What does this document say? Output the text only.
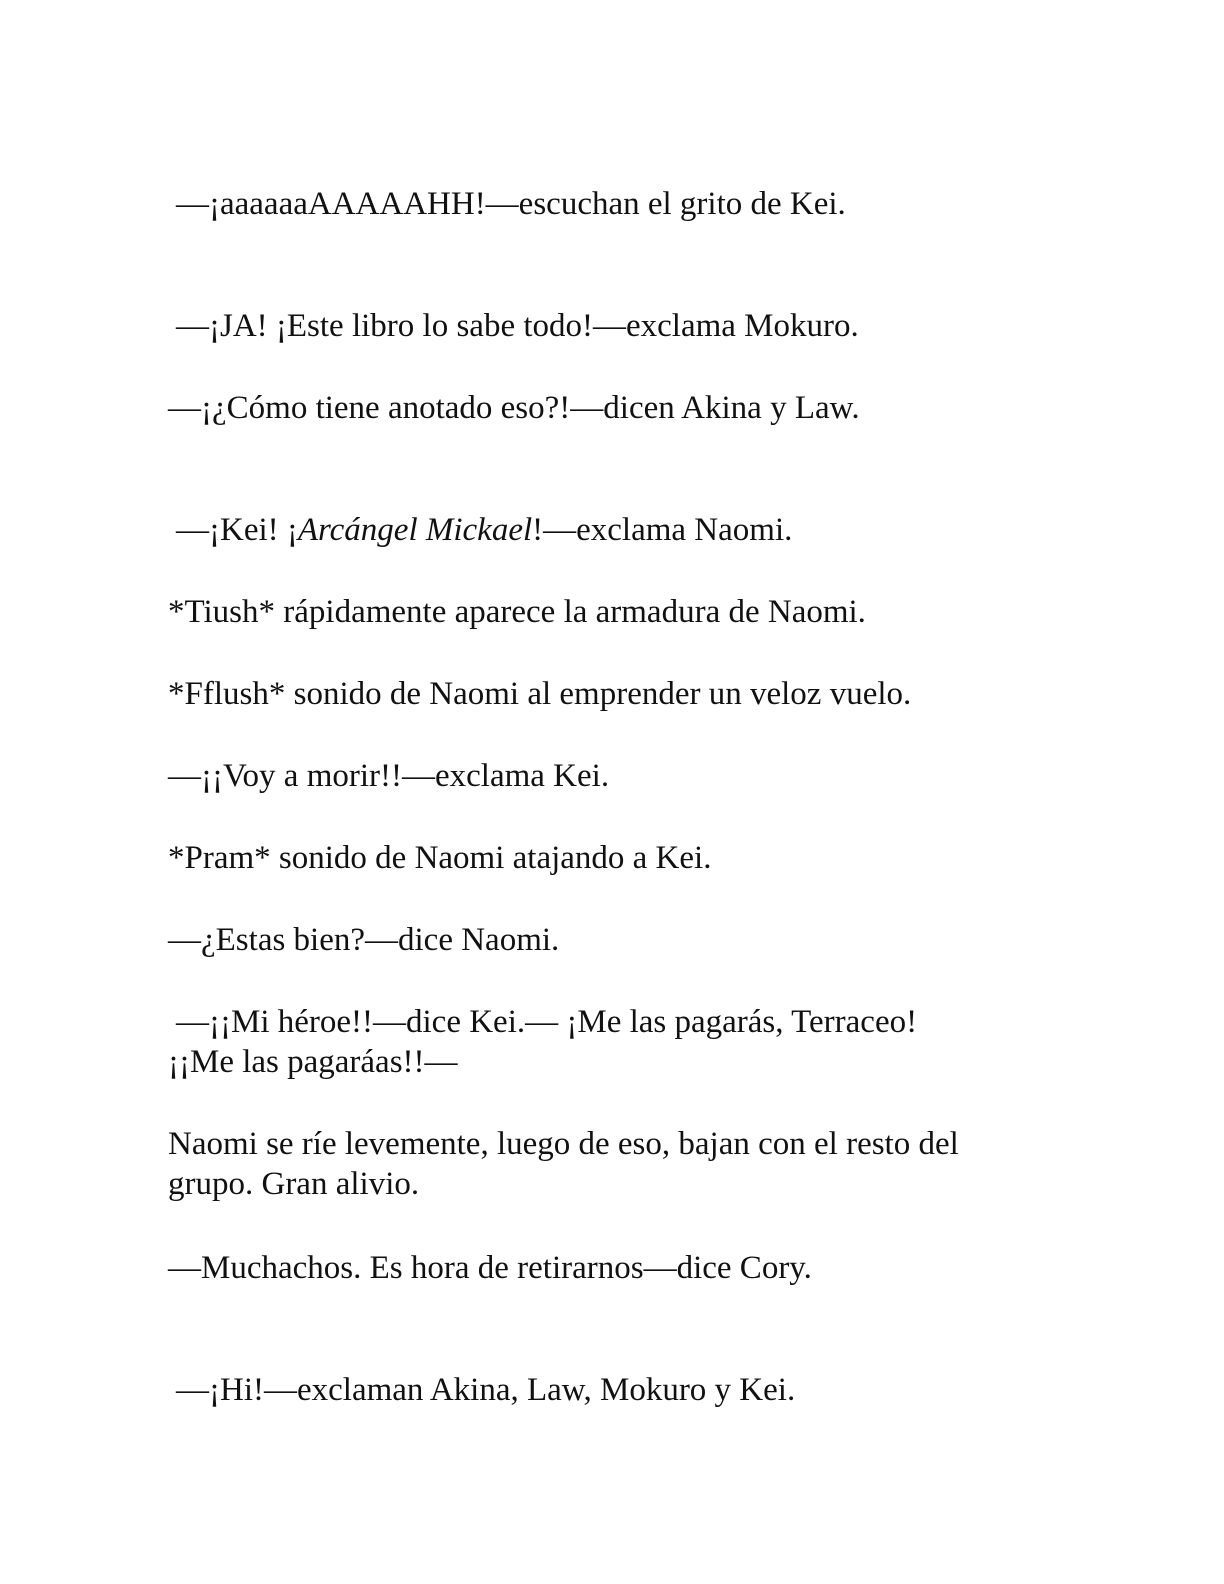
—¡aaaaaaAAAAAHH!—escuchan el grito de Kei.
—¡JA! ¡Este libro lo sabe todo!—exclama Mokuro.
—¡¿Cómo tiene anotado eso?!—dicen Akina y Law.
—¡Kei! ¡Arcángel Mickael!—exclama Naomi.
*Tiush* rápidamente aparece la armadura de Naomi.
*Fflush* sonido de Naomi al emprender un veloz vuelo.
—¡¡Voy a morir!!—exclama Kei.
*Pram* sonido de Naomi atajando a Kei.
—¿Estas bien?—dice Naomi.
—¡¡Mi héroe!!—dice Kei.— ¡Me las pagarás, Terraceo!
¡¡Me las pagaráas!!—
Naomi se ríe levemente, luego de eso, bajan con el resto del
grupo. Gran alivio.
—Muchachos. Es hora de retirarnos—dice Cory.
—¡Hi!—exclaman Akina, Law, Mokuro y Kei.
